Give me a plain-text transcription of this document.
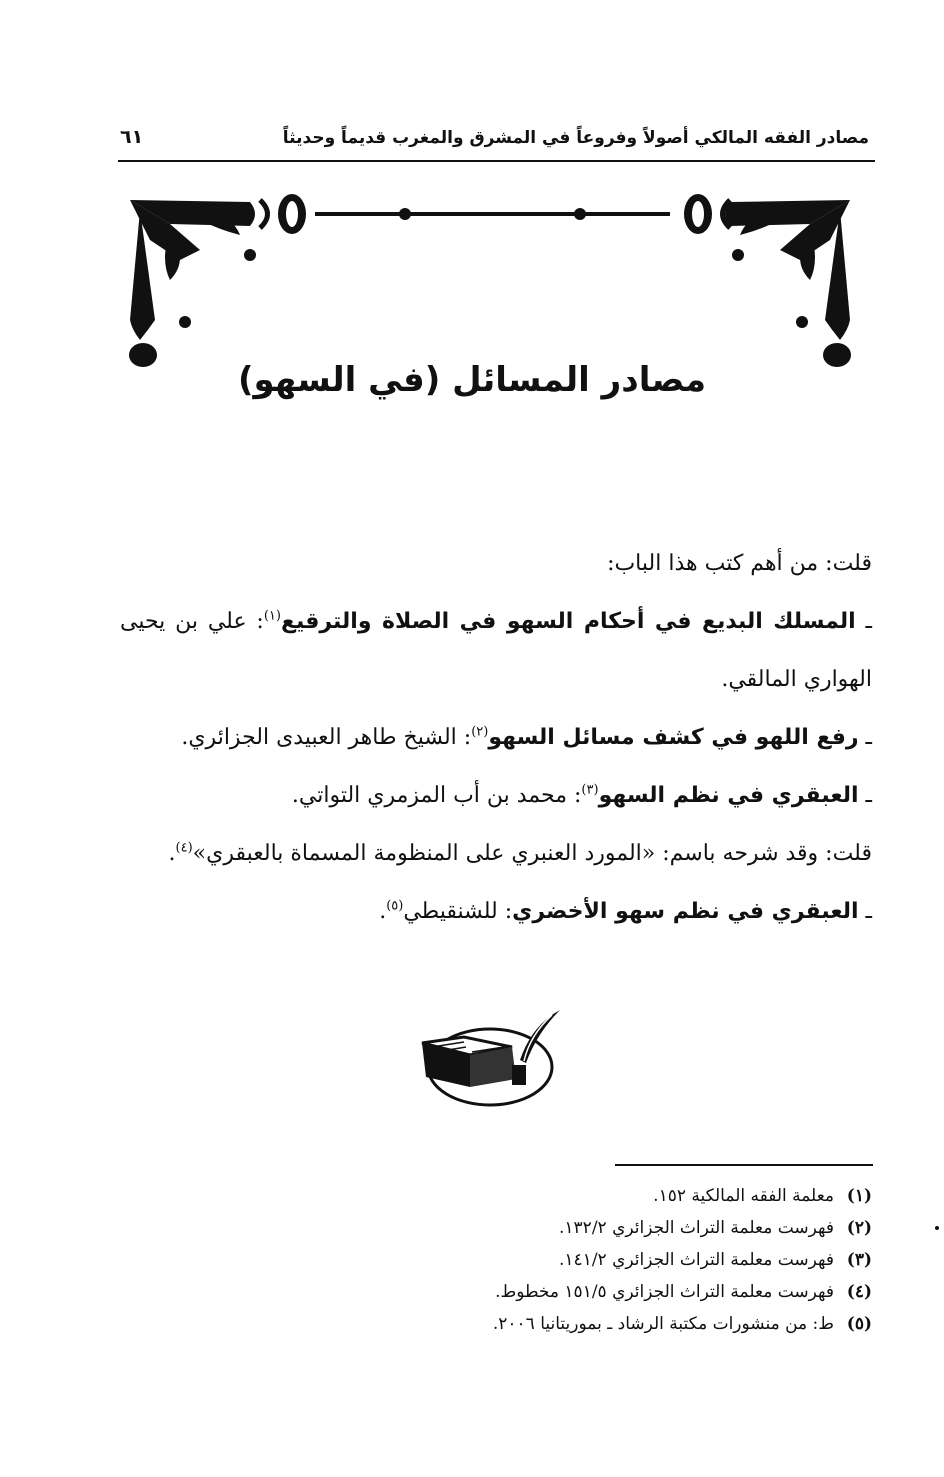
مصادر الفقه المالكي أصولاً وفروعاً في المشرق والمغرب قديماً وحديثاً
٦١
مصادر المسائل (في السهو)

قلت: من أهم كتب هذا الباب:

ـ المسلك البديع في أحكام السهو في الصلاة والترقيع$^{(١)}$: علي بن يحيى الهواري المالقي.

ـ رفع اللهو في كشف مسائل السهو$^{(٢)}$: الشيخ طاهر العبيدى الجزائري.

ـ العبقري في نظم السهو$^{(٣)}$: محمد بن أب المزمري التواتي.

قلت: وقد شرحه باسم: «المورد العنبري على المنظومة المسماة بالعبقري»$^{(٤)}$.

ـ العبقري في نظم سهو الأخضري: للشنقيطي$^{(٥)}$.

(١)معلمة الفقه المالكية ١٥٢.
(٢)فهرست معلمة التراث الجزائري ١٣٢/٢.
(٣)فهرست معلمة التراث الجزائري ١٤١/٢.
(٤)فهرست معلمة التراث الجزائري ١٥١/٥ مخطوط.
(٥)ط: من منشورات مكتبة الرشاد ـ بموريتانيا ٢٠٠٦.
